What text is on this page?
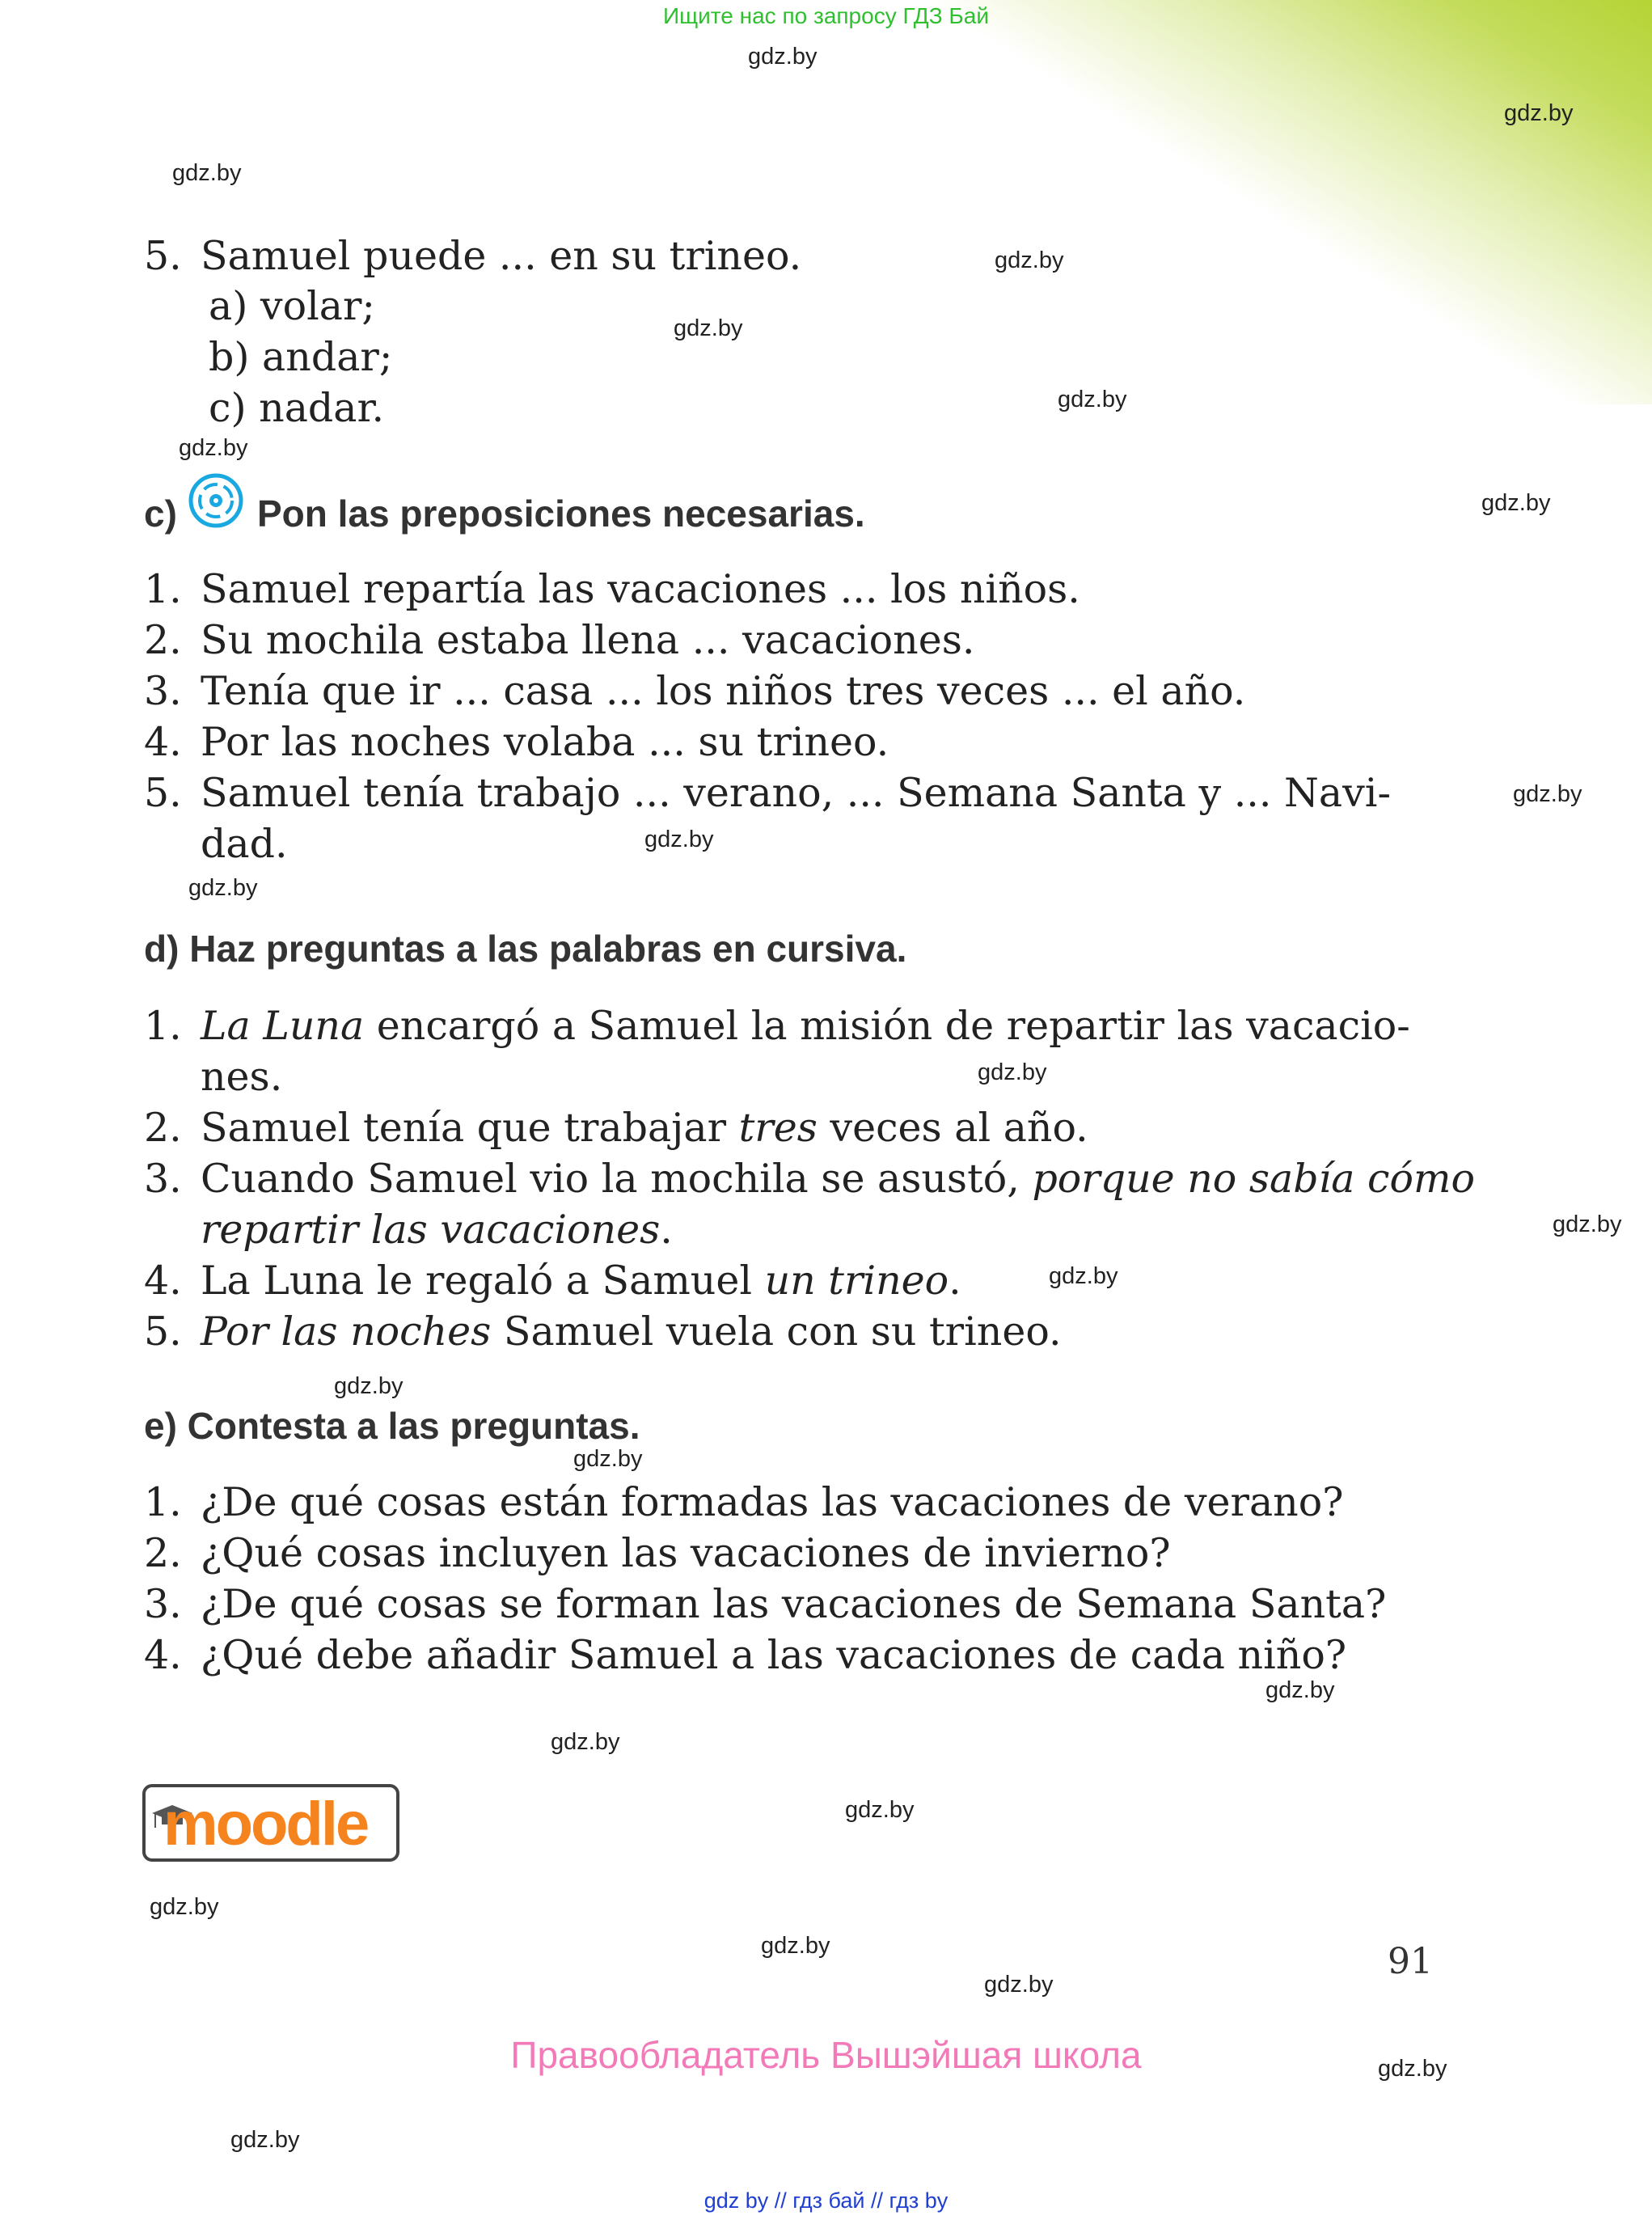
Ищите нас по запросу ГДЗ Бай
gdz.by
gdz.by
gdz.by
gdz.by
gdz.by
gdz.by
gdz.by
gdz.by
gdz.by
gdz.by
gdz.by
gdz.by
gdz.by
gdz.by
gdz.by
gdz.by
gdz.by
gdz.by
gdz.by
gdz.by
gdz.by
gdz.by
gdz.by
gdz.by
5. Samuel puede ... en su trineo.
a) volar;
b) andar;
c) nadar.
c) Pon las preposiciones necesarias.
1. Samuel repartía las vacaciones ... los niños.
2. Su mochila estaba llena ... vacaciones.
3. Tenía que ir ... casa ... los niños tres veces ... el año.
4. Por las noches volaba ... su trineo.
5. Samuel tenía trabajo ... verano, ... Semana Santa y ... Navi-
dad.
d) Haz preguntas a las palabras en cursiva.
1. La Luna encargó a Samuel la misión de repartir las vacacio-
nes.
2. Samuel tenía que trabajar tres veces al año.
3. Cuando Samuel vio la mochila se asustó, porque no sabía cómo
repartir las vacaciones.
4. La Luna le regaló a Samuel un trineo.
5. Por las noches Samuel vuela con su trineo.
e) Contesta a las preguntas.
1. ¿De qué cosas están formadas las vacaciones de verano?
2. ¿Qué cosas incluyen las vacaciones de invierno?
3. ¿De qué cosas se forman las vacaciones de Semana Santa?
4. ¿Qué debe añadir Samuel a las vacaciones de cada niño?
moodle
91
Правообладатель Вышэйшая школа
gdz by // гдз бай // гдз by
